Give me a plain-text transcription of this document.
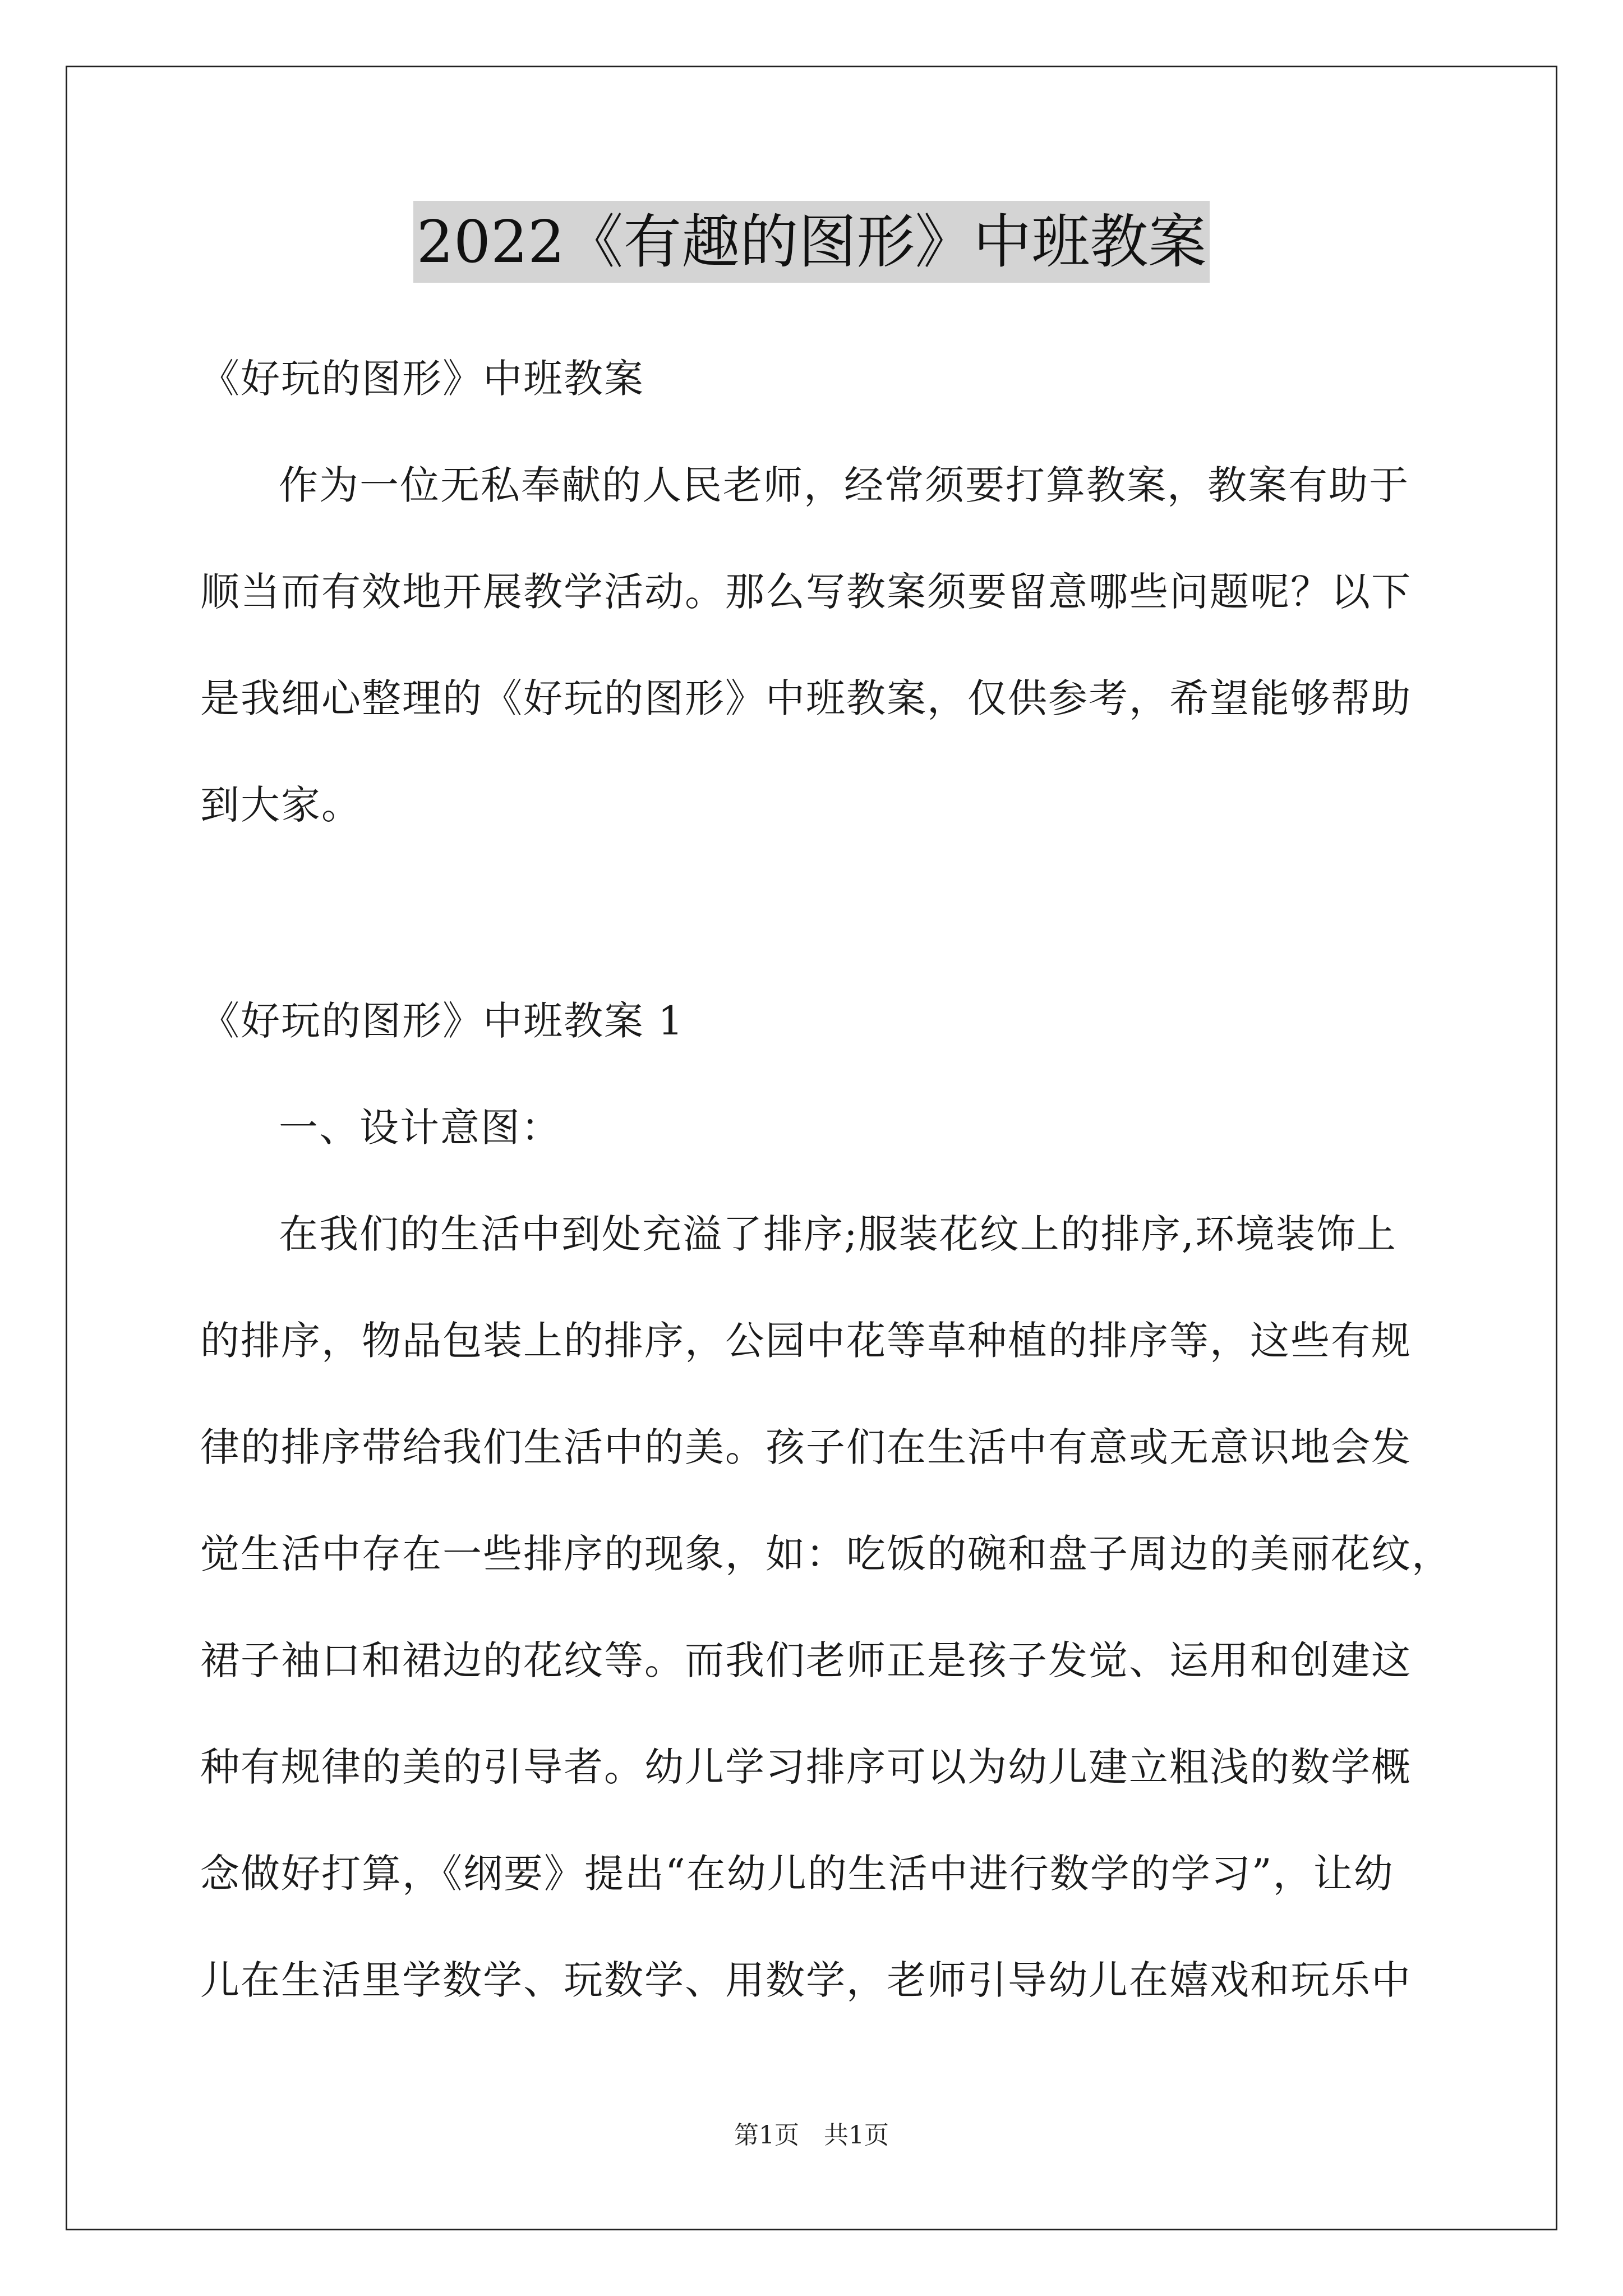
2022《有趣的图形》中班教案
《好玩的图形》中班教案
作为一位无私奉献的人民老师，经常须要打算教案，教案有助于
顺当而有效地开展教学活动。那么写教案须要留意哪些问题呢？以下
是我细心整理的《好玩的图形》中班教案，仅供参考，希望能够帮助
到大家。
《好玩的图形》中班教案 1
一、设计意图：
在我们的生活中到处充溢了排序;服装花纹上的排序,环境装饰上
的排序，物品包装上的排序，公园中花等草种植的排序等，这些有规
律的排序带给我们生活中的美。孩子们在生活中有意或无意识地会发
觉生活中存在一些排序的现象，如：吃饭的碗和盘子周边的美丽花纹，
裙子袖口和裙边的花纹等。而我们老师正是孩子发觉、运用和创建这
种有规律的美的引导者。幼儿学习排序可以为幼儿建立粗浅的数学概
念做好打算，《纲要》提出“在幼儿的生活中进行数学的学习”，让幼
儿在生活里学数学、玩数学、用数学，老师引导幼儿在嬉戏和玩乐中
第1页　共1页
